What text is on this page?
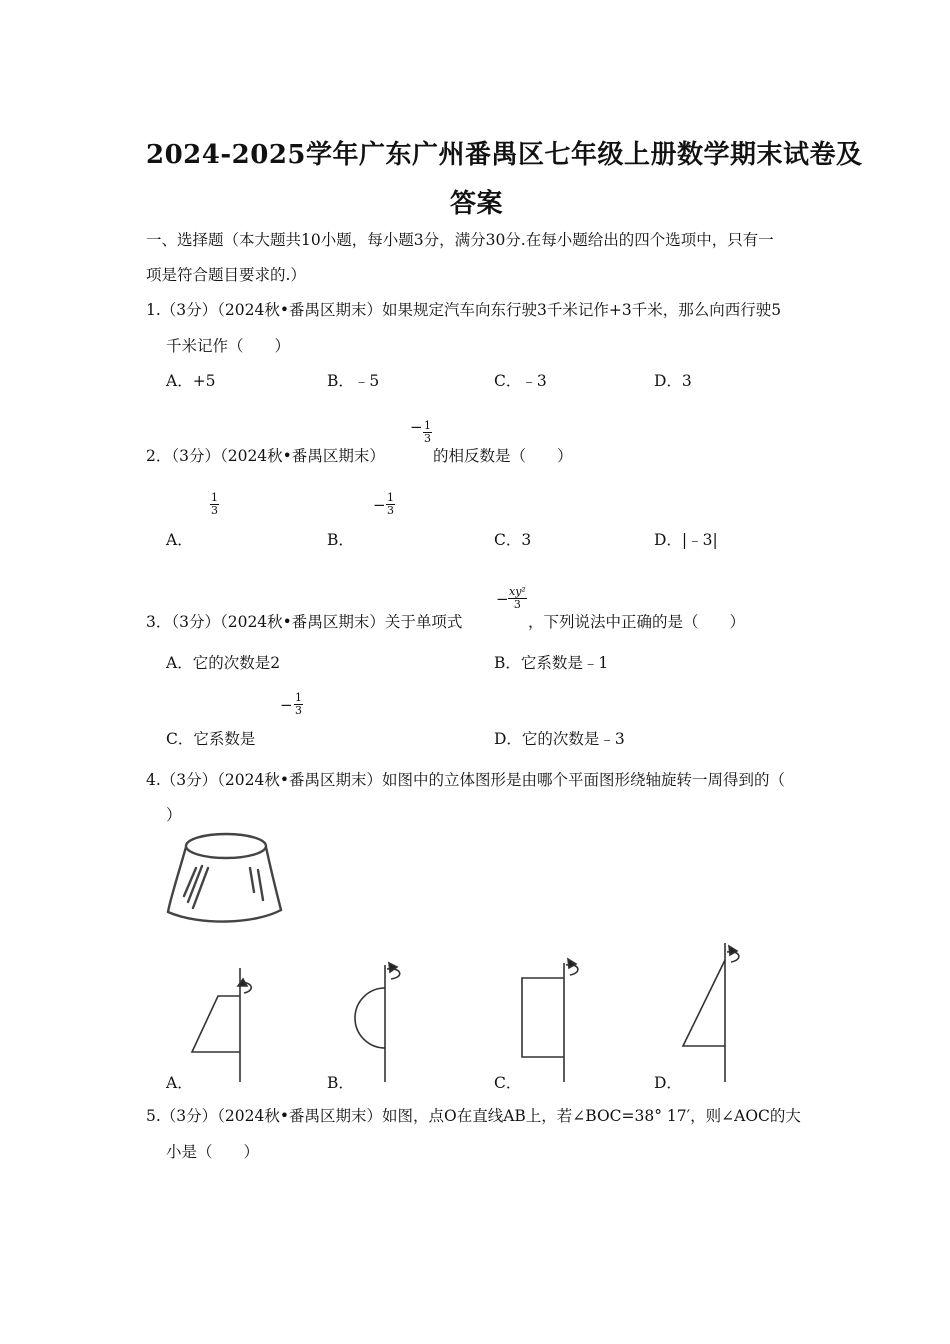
2024-2025学年广东广州番禺区七年级上册数学期末试卷及
答案
一、选择题（本大题共10小题，每小题3分，满分30分.在每小题给出的四个选项中，只有一
项是符合题目要求的.）
1.（3分）（2024秋•番禺区期末）如果规定汽车向东行驶3千米记作+3千米，那么向西行驶5
千米记作（　　）
A．+5	B．﹣5	C．﹣3	D．3
2．（3分）（2024秋•番禺区期末）
− $\frac{1}{3}$
的相反数是（　　）
$\frac{1}{3}$	− $\frac{1}{3}$
A．	B．	C．3	D．|﹣3|
3．（3分）（2024秋•番禺区期末）关于单项式
− $\frac{\text{xy²}}{3}$
，下列说法中正确的是（　　）
A．它的次数是2	B．它系数是﹣1
− $\frac{1}{3}$
C．它系数是	D．它的次数是﹣3
4.（3分）（2024秋•番禺区期末）如图中的立体图形是由哪个平面图形绕轴旋转一周得到的（
）
A．	B．	C．	D．
5.（3分）（2024秋•番禺区期末）如图，点O在直线AB上，若∠BOC=38° 17′，则∠AOC的大
小是（　　）
